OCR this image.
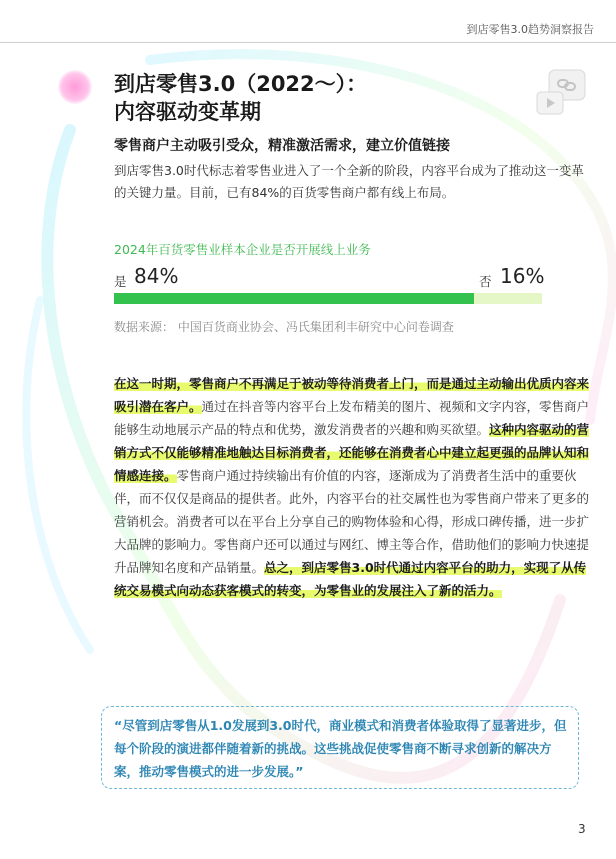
到店零售3.0趋势洞察报告
到店零售3.0（2022～）：
内容驱动变革期
零售商户主动吸引受众，精准激活需求，建立价值链接
到店零售3.0时代标志着零售业进入了一个全新的阶段，内容平台成为了推动这一变革的关键力量。目前，已有84%的百货零售商户都有线上布局。
2024年百货零售业样本企业是否开展线上业务
是 84%	否 16%
数据来源： 中国百货商业协会、冯氏集团利丰研究中心问卷调查
在这一时期，零售商户不再满足于被动等待消费者上门，而是通过主动输出优质内容来吸引潜在客户。通过在抖音等内容平台上发布精美的图片、视频和文字内容，零售商户能够生动地展示产品的特点和优势，激发消费者的兴趣和购买欲望。这种内容驱动的营销方式不仅能够精准地触达目标消费者，还能够在消费者心中建立起更强的品牌认知和情感连接。零售商户通过持续输出有价值的内容，逐渐成为了消费者生活中的重要伙伴，而不仅仅是商品的提供者。此外，内容平台的社交属性也为零售商户带来了更多的营销机会。消费者可以在平台上分享自己的购物体验和心得，形成口碑传播，进一步扩大品牌的影响力。零售商户还可以通过与网红、博主等合作，借助他们的影响力快速提升品牌知名度和产品销量。总之，到店零售3.0时代通过内容平台的助力，实现了从传统交易模式向动态获客模式的转变，为零售业的发展注入了新的活力。
“尽管到店零售从1.0发展到3.0时代，商业模式和消费者体验取得了显著进步，但每个阶段的演进都伴随着新的挑战。这些挑战促使零售商不断寻求创新的解决方案，推动零售模式的进一步发展。”
3
